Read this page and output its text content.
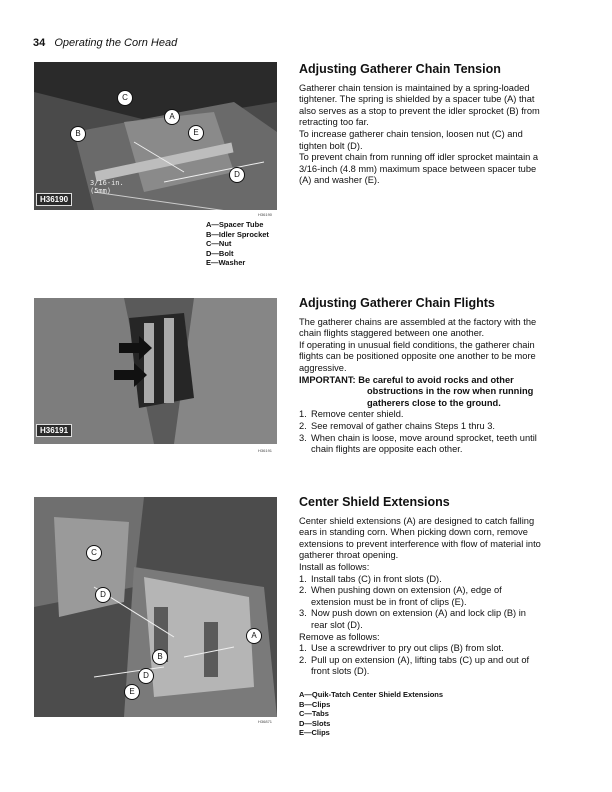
34 Operating the Corn Head
C
B
A
E
D
3/16-in.
(5mm)
H36190
H36190
A—Spacer Tube
B—Idler Sprocket
C—Nut
D—Bolt
E—Washer
Adjusting Gatherer Chain Tension

Gatherer chain tension is maintained by a spring-loaded tightener. The spring is shielded by a spacer tube (A) that also serves as a stop to prevent the idler sprocket (B) from retracting too far.

To increase gatherer chain tension, loosen nut (C) and tighten bolt (D).

To prevent chain from running off idler sprocket maintain a 3/16-inch (4.8 mm) maximum space between spacer tube (A) and washer (E).

H36191
H36191
Adjusting Gatherer Chain Flights

The gatherer chains are assembled at the factory with the chain flights staggered between one another.

If operating in unusual field conditions, the gatherer chain flights can be positioned opposite one another to be more aggressive.

IMPORTANT: Be careful to avoid rocks and other

obstructions in the row when running

gatherers close to the ground.

1. Remove center shield.
2. See removal of gather chains Steps 1 thru 3.
3. When chain is loose, move around sprocket, teeth until chain flights are opposite each other.
C
D
A
B
D
E
H36871
Center Shield Extensions

Center shield extensions (A) are designed to catch falling ears in standing corn. When picking down corn, remove extensions to prevent interference with flow of material into gatherer throat opening.

Install as follows:

1. Install tabs (C) in front slots (D).
2. When pushing down on extension (A), edge of extension must be in front of clips (E).
3. Now push down on extension (A) and lock clip (B) in rear slot (D).

Remove as follows:

1. Use a screwdriver to pry out clips (B) from slot.
2. Pull up on extension (A), lifting tabs (C) up and out of front slots (D).
A—Quik-Tatch Center Shield Extensions
B—Clips
C—Tabs
D—Slots
E—Clips
